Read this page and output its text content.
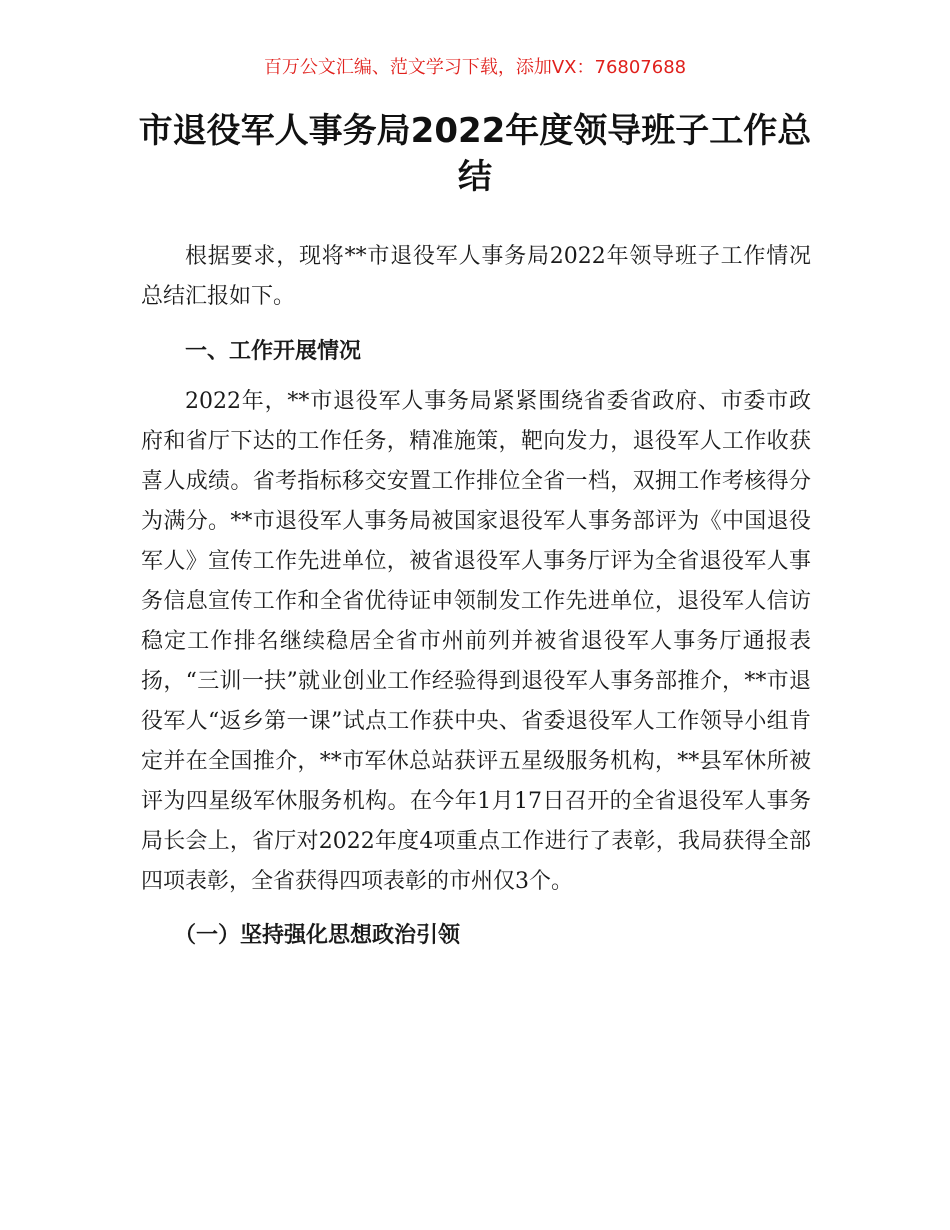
百万公文汇编、范文学习下载，添加VX：76807688
市退役军人事务局2022年度领导班子工作总结

根据要求，现将**市退役军人事务局2022年领导班子工作情况总结汇报如下。

一、工作开展情况

2022年，**市退役军人事务局紧紧围绕省委省政府、市委市政府和省厅下达的工作任务，精准施策，靶向发力，退役军人工作收获喜人成绩。省考指标移交安置工作排位全省一档，双拥工作考核得分为满分。**市退役军人事务局被国家退役军人事务部评为《中国退役军人》宣传工作先进单位，被省退役军人事务厅评为全省退役军人事务信息宣传工作和全省优待证申领制发工作先进单位，退役军人信访稳定工作排名继续稳居全省市州前列并被省退役军人事务厅通报表扬，“三训一扶”就业创业工作经验得到退役军人事务部推介，**市退役军人“返乡第一课”试点工作获中央、省委退役军人工作领导小组肯定并在全国推介，**市军休总站获评五星级服务机构，**县军休所被评为四星级军休服务机构。在今年1月17日召开的全省退役军人事务局长会上，省厅对2022年度4项重点工作进行了表彰，我局获得全部四项表彰，全省获得四项表彰的市州仅3个。

（一）坚持强化思想政治引领
